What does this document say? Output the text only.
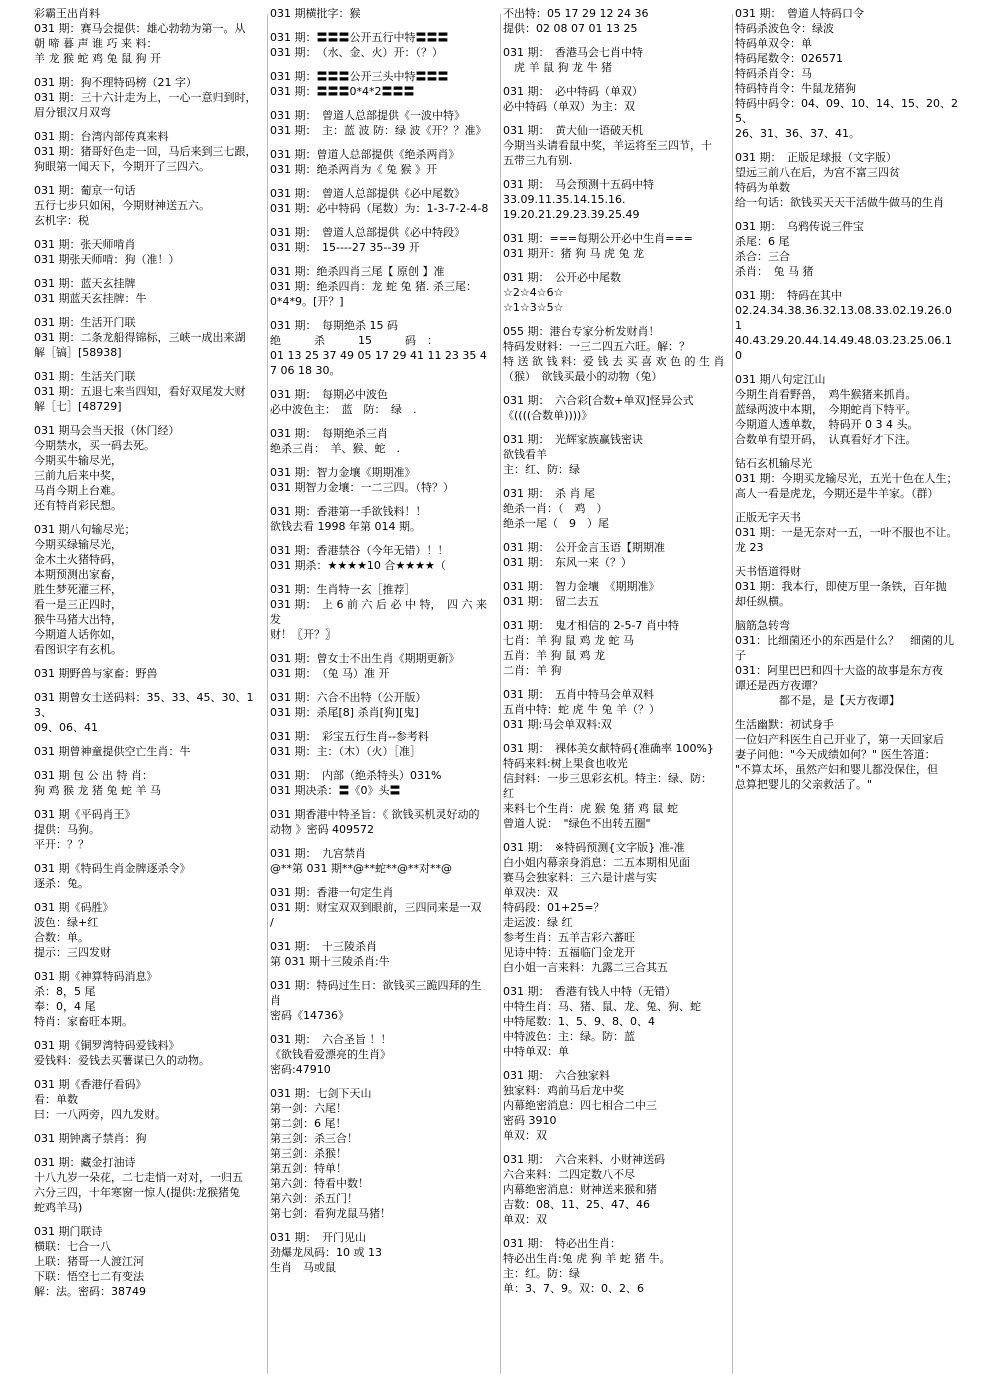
彩霸王出肖料
031 期：赛马会提供：雄心勃勃为第一。从
朝 啼 暮 声 谁 巧 来 料：
羊 龙 猴 蛇 鸡 兔 鼠 狗 开
031 期：狗不理特码榜（21 字）
031 期：三十六计走为上，一心一意归到时，
眉分银汉月双弯
031 期：台湾内部传真来料
031 期：猪哥好色走一回，马后来到三七跟，
狗眼第一闻天下，今期开了三四六。
031 期：葡京一句话
五行七步只如闲，今期财神送五六。
玄机字：税
031 期：张天师啃肖
031 期张天师啃：狗（准！）
031 期：蓝天玄挂牌
031 期蓝天玄挂牌：牛
031 期：生活开门联
031 期：二条龙船得锦标，三峡一成出来湖
解［镐］[58938]
031 期：生活关门联
031 期：五退七来当四知，看好双尾发大财
解［七］[48729]
031 期马会当天报（休门经）
今期禁水，买一码去死。
今期买牛输尽光，
三前九后来中奖，
马肖今期上台难。
还有特肖彩民想。
031 期八句输尽光；
今期买绿输尽光，
金木土火猪特码，
本期预测出家畜，
胜生梦死灌三杯，
看一是三正四时，
猴牛马猪大出特，
今期道人话你如，
看图识字有玄机。
031 期野兽与家畜：野兽
031 期曾女士送码料：35、33、45、30、13、
09、06、41
031 期曾神童提供空亡生肖：牛
031 期 包 公 出 特 肖：
狗 鸡 猴 龙 猪 兔 蛇 羊 马
031 期《平码肖王》
提供：马狗。
平开：？？
031 期《特码生肖金牌逐杀令》
逐杀：兔。
031 期《码胜》
波色：绿+红
合数：单。
提示：三四发财
031 期《神算特码消息》
杀：8，5 尾
奉：0，4 尾
特肖：家畜旺本期。
031 期《铜罗湾特码爱钱料》
爱钱料：爱钱去买薯谋已久的动物。
031 期《香港仔看码》
看：单数
曰：一八两旁，四九发财。
031 期钟离子禁肖：狗
031 期：藏金打油诗
十八九岁一朵花，二七走悄一对对，一归五
六分三四，十年寒窗一惊人(提供:龙猴猪兔
蛇鸡羊马)
031 期门联诗
横联：七合一八
上联：猪哥一人渡江河
下联：悟空七二有变法
解：法。密码：38749
031 期横批字：猴
031 期：〓〓〓公开五行中特〓〓〓
031 期：　（水、金、火）开：（？）
031 期：〓〓〓公开三头中特〓〓〓
031 期：〓〓〓0*4*2〓〓〓
031 期：　曾道人总部提供《一波中特》
031 期：　主：蓝 波 防：绿 波《开？？准》
031 期：曾道人总部提供《绝杀两肖》
031 期：绝杀两肖为《 兔 猴 》开
031 期：　曾道人总部提供《必中尾数》
031 期：必中特码（尾数）为：1-3-7-2-4-8
031 期：　曾道人总部提供《必中特段》
031 期：　15----27 35--39 开
031 期：绝杀四肖三尾【 原创 】准
031 期：绝杀四肖：龙 蛇 兔 猪. 杀三尾：
0*4*9。[开？]
031 期：　每期绝杀 15 码
绝　　　杀　　　15　　　码　：
01 13 25 37 49 05 17 29 41 11 23 35 4
7 06 18 30。
031 期：　每期必中波色
必中波色主：　蓝　防：　绿　.
031 期：　每期绝杀三肖
绝杀三肖：　羊、猴、蛇　.
031 期：智力金壤《期期准》
031 期智力金壤：一二三四。（特？）
031 期：香港第一手欲钱料！！
欲钱去看 1998 年第 014 期。
031 期：香港禁谷（今年无错）！！
031 期杀：★★★★10 合★★★★（
031 期：生肖特一玄［推荐］
031 期：　上 6 前 六 后 必 中 特，　四 六 来 发
财！〖开？〗
031 期：曾女士不出生肖《期期更新》
031 期：　（兔 马）准 开
031 期：六合不出特（公开版）
031 期：杀尾[8] 杀肖[狗][鬼]
031 期：　彩宝五行生肖--参考料
031 期：主：（木）（火）［准］
031 期：　内部（绝杀特头）031%
031 期决杀：〓《0》头〓
031 期香港中特圣旨：《 欲钱买机灵好动的
动物 》密码 409572
031 期：　九宫禁肖
@**第 031 期**@**蛇**@**对**@
031 期：香港一句定生肖
031 期：财宝双双到眼前，三四同来是一双
/
031 期：　十三陵杀肖
第 031 期十三陵杀肖:牛
031 期：特码过生日：欲钱买三跪四拜的生
肖
密码《14736》
031 期：　六合圣旨 ！！
《欲钱看爱漂亮的生肖》
密码:47910
031 期：七剑下天山
第一剑：六尾！
第二剑：6 尾！
第三剑：杀三合！
第三剑：杀猴！
第五剑：特单！
第六剑：特看中数！
第六剑：杀五门！
第七剑：看狗龙鼠马猪！
031 期：　开门见山
劲爆龙凤码：10 或 13
生肖　马或鼠
不出特：05 17 29 12 24 36
提供：02 08 07 01 13 25
031 期：　香港马会七肖中特
　虎 羊 鼠 狗 龙 牛 猪
031 期：　必中特码（单双）
必中特码（单双）为主：双
031 期：　黄大仙一语破天机
今期当头请看鼠中奖，羊运将至三四节，十
五带三九有别.
031 期：　马会预测十五码中特
33.09.11.35.14.15.16.
19.20.21.29.23.39.25.49
031 期：===每期公开必中生肖===
031 期开：猪 狗 马 虎 兔 龙
031 期：　公开必中尾数
☆2☆4☆6☆
☆1☆3☆5☆
055 期：港台专家分析发财肖！
特码发财料：一三二四五六旺。解：？
特 送 欲 钱 料：爱 钱 去 买 喜 欢 色 的 生 肖
（猴）　欲钱买最小的动物（兔）
031 期：　六合彩[合数+单双]怪异公式
《((((合数单))))》
031 期：　光辉家族赢钱密诀
欲钱看羊
主：红、防：绿
031 期：　杀 肖 尾
绝杀一肖：（　鸡　）
绝杀一尾（　9　）尾
031 期：　公开金言玉语【期期准
031 期：　东风一来（？）
031 期：　智力金壤　《期期准》
031 期：　留二去五
031 期：　鬼才相信的 2-5-7 肖中特
七肖：羊 狗 鼠 鸡 龙 蛇 马
五肖：羊 狗 鼠 鸡 龙
二肖：羊 狗
031 期：　五肖中特马会单双料
五肖中特：蛇 虎 牛 兔 羊（？）
031 期:马会单双料:双
031 期：　裸体美女献特码{准确率 100%}
特码来料:树上果食也收光
信封料：一步三思彩玄机。特主：绿、防：
红
来料七个生肖：虎 猴 兔 猪 鸡 鼠 蛇
曾道人说：　"绿色不出转五圈"
031 期：　※特码预测{文字版} 准-准
白小姐内幕亲身消息：二五本期相见面
赛马会独家料：三六是计虐与实
单双决：双
特码段：01+25=？
走运波：绿 红
参考生肖：五羊吉彩六蕃旺
见诗中特：五福临门金龙开
白小姐一言来料：九露二三合其五
031 期：　香港有钱人中特（无错）
中特生肖：马、猪、鼠、龙、兔、狗、蛇
中特尾数：1、5、9、8、0、4
中特波色：主：绿。防：蓝
中特单双：单
031 期：　六合独家料
独家料：鸡前马后龙中奖
内幕绝密消息：四七相合二中三
密码 3910
单双：双
031 期：　六合来料、小财神送码
六合来料：二四定数八不尽
内幕绝密消息：财神送来猴和猪
吉数：08、11、25、47、46
单双：双
031 期：　特必出生肖：
特必出生肖:兔 虎 狗 羊 蛇 猪 牛。
主：红。防：绿
单：3、7、9。双：0、2、6
031 期：　曾道人特码口令
特码杀波色令：绿波
特码单双令：单
特码尾数令：026571
特码杀肖令：马
特码特肖令：牛鼠龙猪狗
特码中码令：04、09、10、14、15、20、25、
26、31、36、37、41。
031 期：　正版足球报（文字版）
望远三前八在后，为宫不富三四贫
特码为单数
给一句话：欲钱买天天干活做牛做马的生肖
031 期：　乌鸦传说三件宝
杀尾：6 尾
杀合：三合
杀肖：　兔 马 猪
031 期：　特码在其中
02.24.34.38.36.32.13.08.33.02.19.26.0
1
40.43.29.20.44.14.49.48.03.23.25.06.1
0
031 期八句定江山
今期生肖看野兽，　鸡牛猴猪来抓肖。
蓝绿两波中本期，　今期蛇肖下特平。
今期道人透单数，　特码开 0 3 4 头。
合数单有望开码，　认真看好才下注。
钻石玄机输尽光
031 期：今期买龙输尽光，五光十色在人生；
高人一看是虎龙，今期还是牛羊家。（群）
正版无字天书
031 期：一是无奈对一五，一叶不服也不让。
龙 23
天书悟道得财
031 期：我本行，即使万里一条铁，百年抛
却任纵横。
脑筋急转弯
031：比细菌还小的东西是什么？　细菌的儿
子
031：阿里巴巴和四十大盗的故事是东方夜
谭还是西方夜谭？
　　　　都不是，是【天方夜谭】
生活幽默：初试身手
一位妇产科医生自己开业了，第一天回家后
妻子问他："今天成绩如何？" 医生答道：
"不算太坏，虽然产妇和婴儿都没保住，但
总算把婴儿的父亲救活了。"
